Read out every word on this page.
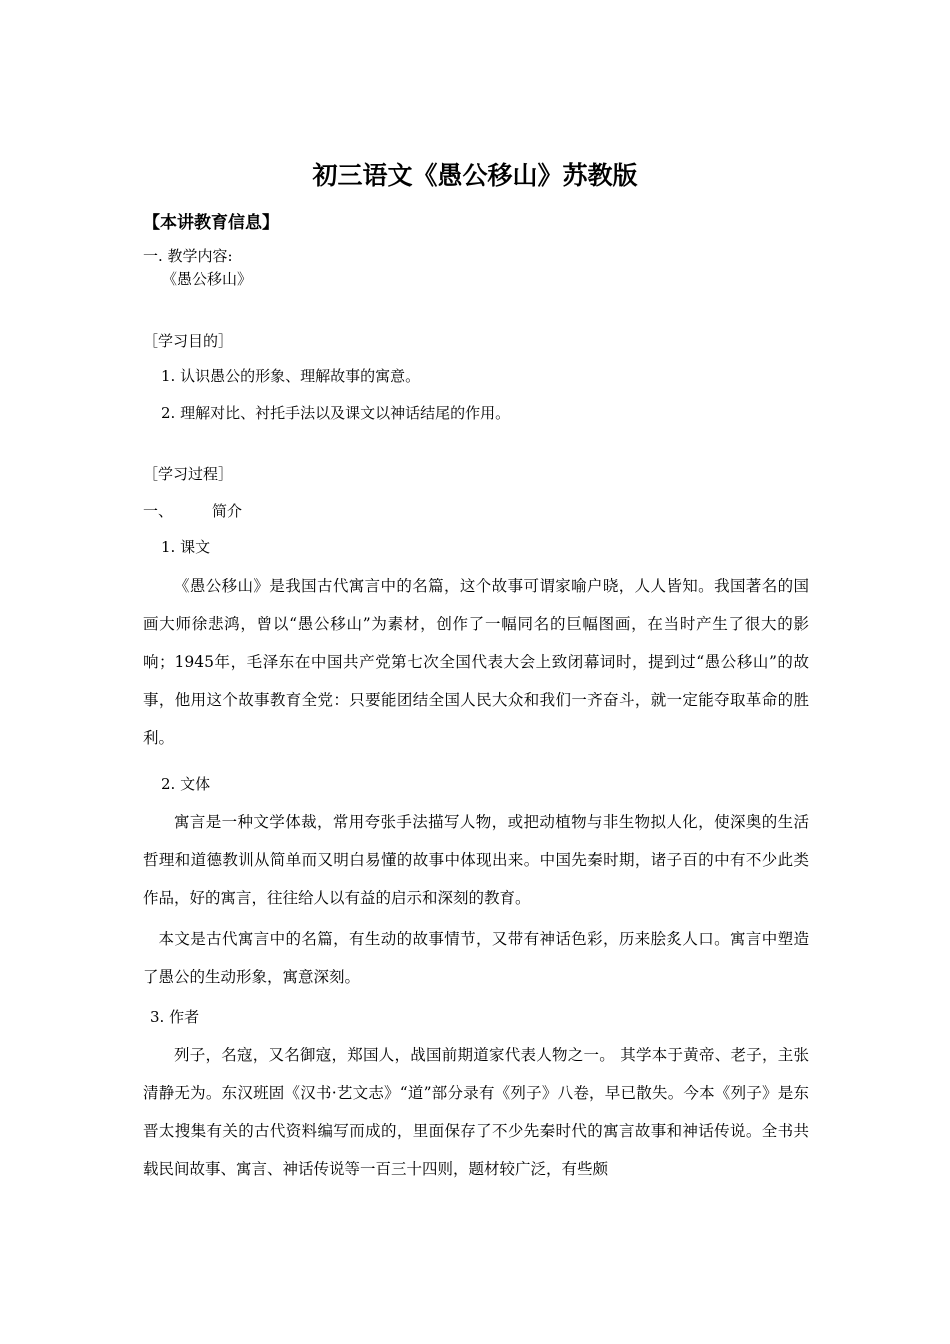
初三语文《愚公移山》苏教版
【本讲教育信息】
一. 教学内容:
《愚公移山》
［学习目的］
1. 认识愚公的形象、理解故事的寓意。
2. 理解对比、衬托手法以及课文以神话结尾的作用。
［学习过程］
一、	简介
1. 课文
《愚公移山》是我国古代寓言中的名篇，这个故事可谓家喻户晓，人人皆知。我国著名的国画大师徐悲鸿，曾以“愚公移山”为素材，创作了一幅同名的巨幅图画，在当时产生了很大的影响；1945年，毛泽东在中国共产党第七次全国代表大会上致闭幕词时，提到过“愚公移山”的故事，他用这个故事教育全党：只要能团结全国人民大众和我们一齐奋斗，就一定能夺取革命的胜利。
2. 文体
寓言是一种文学体裁，常用夸张手法描写人物，或把动植物与非生物拟人化，使深奥的生活哲理和道德教训从简单而又明白易懂的故事中体现出来。中国先秦时期，诸子百的中有不少此类作品，好的寓言，往往给人以有益的启示和深刻的教育。
本文是古代寓言中的名篇，有生动的故事情节，又带有神话色彩，历来脍炙人口。寓言中塑造了愚公的生动形象，寓意深刻。
3. 作者
列子，名寇，又名御寇，郑国人，战国前期道家代表人物之一。 其学本于黄帝、老子，主张清静无为。东汉班固《汉书·艺文志》“道”部分录有《列子》八卷，早已散失。今本《列子》是东晋太搜集有关的古代资料编写而成的，里面保存了不少先秦时代的寓言故事和神话传说。全书共载民间故事、寓言、神话传说等一百三十四则，题材较广泛，有些颇
